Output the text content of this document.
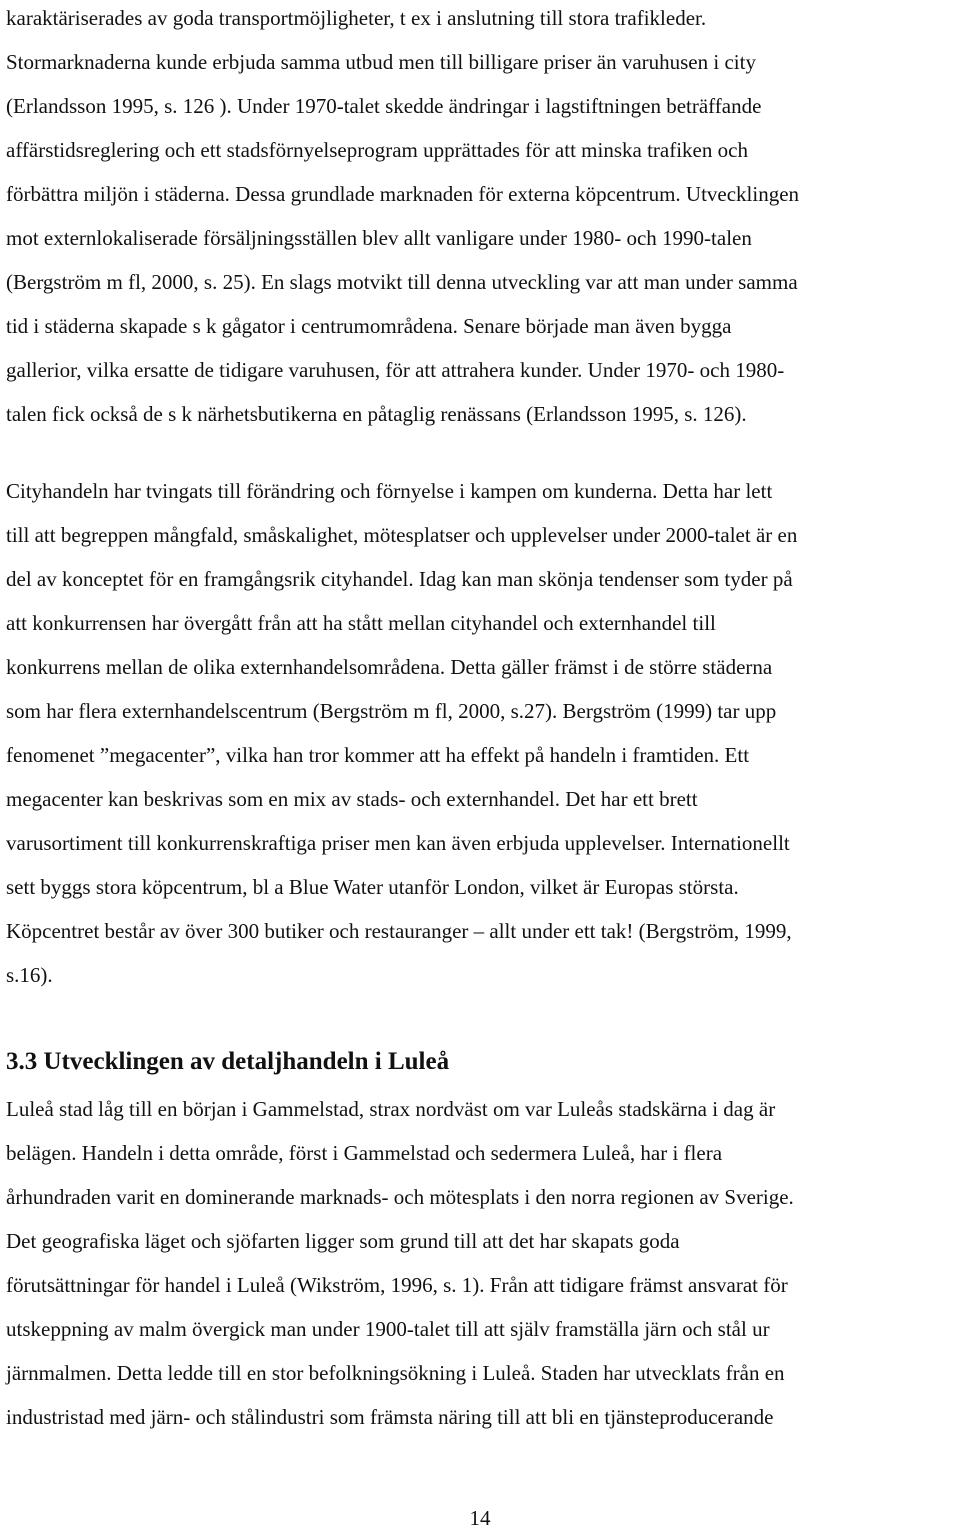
karaktäriserades av goda transportmöjligheter, t ex i anslutning till stora trafikleder.
Stormarknaderna kunde erbjuda samma utbud men till billigare priser än varuhusen i city
(Erlandsson 1995, s. 126 ). Under 1970-talet skedde ändringar i lagstiftningen beträffande
affärstidsreglering och ett stadsförnyelseprogram upprättades för att minska trafiken och
förbättra miljön i städerna. Dessa grundlade marknaden för externa köpcentrum. Utvecklingen
mot externlokaliserade försäljningsställen blev allt vanligare under 1980- och 1990-talen
(Bergström m fl, 2000, s. 25). En slags motvikt till denna utveckling var att man under samma
tid i städerna skapade s k gågator i centrumområdena. Senare började man även bygga
gallerior, vilka ersatte de tidigare varuhusen, för att attrahera kunder. Under 1970- och 1980-
talen fick också de s k närhetsbutikerna en påtaglig renässans (Erlandsson 1995, s. 126).
Cityhandeln har tvingats till förändring och förnyelse i kampen om kunderna. Detta har lett
till att begreppen mångfald, småskalighet, mötesplatser och upplevelser under 2000-talet är en
del av konceptet för en framgångsrik cityhandel. Idag kan man skönja tendenser som tyder på
att konkurrensen har övergått från att ha stått mellan cityhandel och externhandel till
konkurrens mellan de olika externhandelsområdena. Detta gäller främst i de större städerna
som har flera externhandelscentrum (Bergström m fl, 2000, s.27). Bergström (1999) tar upp
fenomenet ”megacenter”, vilka han tror kommer att ha effekt på handeln i framtiden. Ett
megacenter kan beskrivas som en mix av stads- och externhandel. Det har ett brett
varusortiment till konkurrenskraftiga priser men kan även erbjuda upplevelser. Internationellt
sett byggs stora köpcentrum, bl a Blue Water utanför London, vilket är Europas största.
Köpcentret består av över 300 butiker och restauranger – allt under ett tak! (Bergström, 1999,
s.16).
3.3 Utvecklingen av detaljhandeln i Luleå
Luleå stad låg till en början i Gammelstad, strax nordväst om var Luleås stadskärna i dag är
belägen. Handeln i detta område, först i Gammelstad och sedermera Luleå, har i flera
århundraden varit en dominerande marknads- och mötesplats i den norra regionen av Sverige.
Det geografiska läget och sjöfarten ligger som grund till att det har skapats goda
förutsättningar för handel i Luleå (Wikström, 1996, s. 1). Från att tidigare främst ansvarat för
utskeppning av malm övergick man under 1900-talet till att själv framställa järn och stål ur
järnmalmen. Detta ledde till en stor befolkningsökning i Luleå. Staden har utvecklats från en
industristad med järn- och stålindustri som främsta näring till att bli en tjänsteproducerande
14
